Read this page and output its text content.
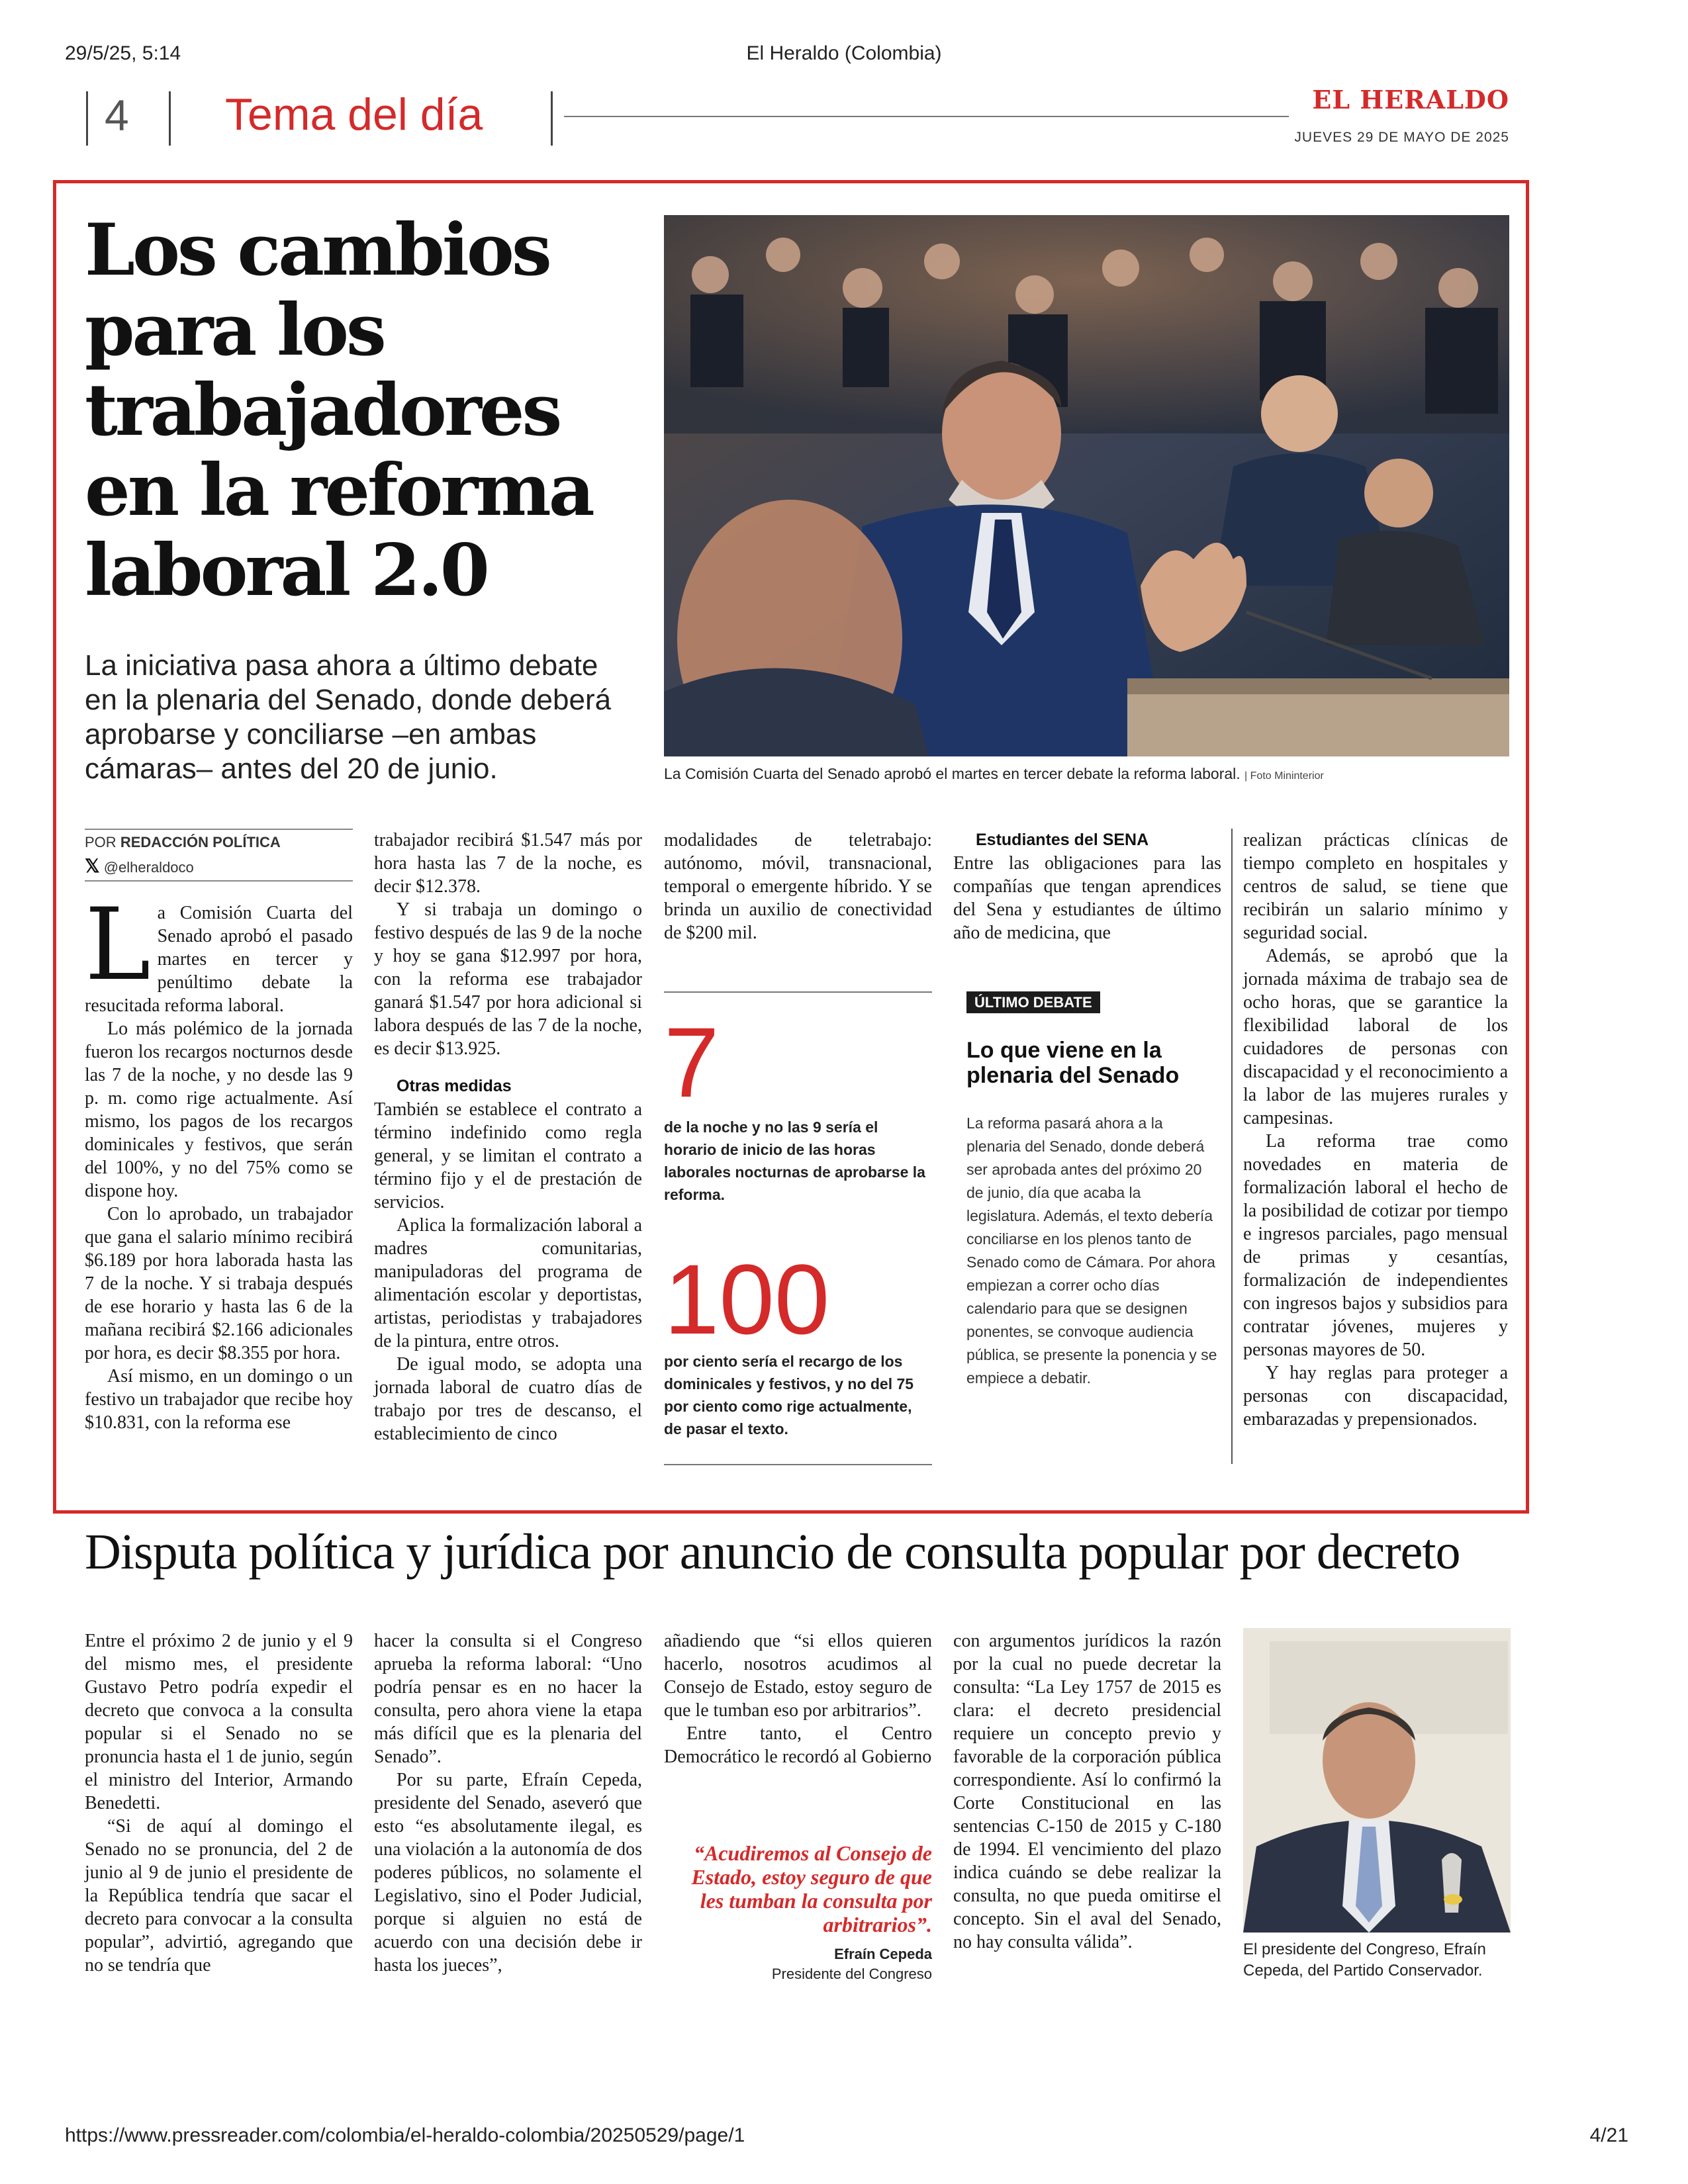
29/5/25, 5:14	El Heraldo (Colombia)
4 Tema del día	EL HERALDO
JUEVES 29 DE MAYO DE 2025
Los cambios
para los
trabajadores
en la reforma
laboral 2.0
La iniciativa pasa ahora a último debate
en la plenaria del Senado, donde deberá
aprobarse y conciliarse –en ambas
cámaras– antes del 20 de junio.	La Comisión Cuarta del Senado aprobó el martes en tercer debate la reforma laboral. | Foto Mininterior
POR REDACCIÓN POLÍTICA
𝕏 @elheraldoco

La Comisión Cuarta del Senado aprobó el pasado martes en tercer y penúltimo debate la resucitada reforma laboral.

Lo más polémico de la jornada fueron los recargos nocturnos desde las 7 de la noche, y no desde las 9 p. m. como rige actualmente. Así mismo, los pagos de los recargos dominicales y festivos, que serán del 100%, y no del 75% como se dispone hoy.

Con lo aprobado, un trabajador que gana el salario mínimo recibirá $6.189 por hora laborada hasta las 7 de la noche. Y si trabaja después de ese horario y hasta las 6 de la mañana recibirá $2.166 adicionales por hora, es decir $8.355 por hora.

Así mismo, en un domingo o un festivo un trabajador que recibe hoy $10.831, con la reforma ese

trabajador recibirá $1.547 más por hora hasta las 7 de la noche, es decir $12.378.

Y si trabaja un domingo o festivo después de las 9 de la noche y hoy se gana $12.997 por hora, con la reforma ese trabajador ganará $1.547 por hora adicional si labora después de las 7 de la noche, es decir $13.925.

Otras medidas

También se establece el contrato a término indefinido como regla general, y se limitan el contrato a término fijo y el de prestación de servicios.

Aplica la formalización laboral a madres comunitarias, manipuladoras del programa de alimentación escolar y deportistas, artistas, periodistas y trabajadores de la pintura, entre otros.

De igual modo, se adopta una jornada laboral de cuatro días de trabajo por tres de descanso, el establecimiento de cinco

modalidades de teletrabajo: autónomo, móvil, transnacional, temporal o emergente híbrido. Y se brinda un auxilio de conectividad de $200 mil.

7
de la noche y no las 9 sería el horario de inicio de las horas laborales nocturnas de aprobarse la reforma.
100
por ciento sería el recargo de los dominicales y festivos, y no del 75 por ciento como rige actualmente, de pasar el texto.

Estudiantes del SENA

Entre las obligaciones para las compañías que tengan aprendices del Sena y estudiantes de último año de medicina, que

ÚLTIMO DEBATE
Lo que viene en la plenaria del Senado
La reforma pasará ahora a la plenaria del Senado, donde deberá ser aprobada antes del próximo 20 de junio, día que acaba la legislatura. Además, el texto debería conciliarse en los plenos tanto de Senado como de Cámara. Por ahora empiezan a correr ocho días calendario para que se designen ponentes, se convoque audiencia pública, se presente la ponencia y se empiece a debatir.

realizan prácticas clínicas de tiempo completo en hospitales y centros de salud, se tiene que recibirán un salario mínimo y seguridad social.

Además, se aprobó que la jornada máxima de trabajo sea de ocho horas, que se garantice la flexibilidad laboral de los cuidadores de personas con discapacidad y el reconocimiento a la labor de las mujeres rurales y campesinas.

La reforma trae como novedades en materia de formalización laboral el hecho de la posibilidad de cotizar por tiempo e ingresos parciales, pago mensual de primas y cesantías, formalización de independientes con ingresos bajos y subsidios para contratar jóvenes, mujeres y personas mayores de 50.

Y hay reglas para proteger a personas con discapacidad, embarazadas y prepensionados.

Disputa política y jurídica por anuncio de consulta popular por decreto

Entre el próximo 2 de junio y el 9 del mismo mes, el presidente Gustavo Petro podría expedir el decreto que convoca a la consulta popular si el Senado no se pronuncia hasta el 1 de junio, según el ministro del Interior, Armando Benedetti.

“Si de aquí al domingo el Senado no se pronuncia, del 2 de junio al 9 de junio el presidente de la República tendría que sacar el decreto para convocar a la consulta popular”, advirtió, agregando que no se tendría que

hacer la consulta si el Congreso aprueba la reforma laboral: “Uno podría pensar es en no hacer la consulta, pero ahora viene la etapa más difícil que es la plenaria del Senado”.

Por su parte, Efraín Cepeda, presidente del Senado, aseveró que esto “es absolutamente ilegal, es una violación a la autonomía de dos poderes públicos, no solamente el Legislativo, sino el Poder Judicial, porque si alguien no está de acuerdo con una decisión debe ir hasta los jueces”,

añadiendo que “si ellos quieren hacerlo, nosotros acudimos al Consejo de Estado, estoy seguro de que le tumban eso por arbitrarios”.

Entre tanto, el Centro Democrático le recordó al Gobierno

“Acudiremos al Consejo de Estado, estoy seguro de que les tumban la consulta por arbitrarios”.
Efraín Cepeda
Presidente del Congreso

con argumentos jurídicos la razón por la cual no puede decretar la consulta: “La Ley 1757 de 2015 es clara: el decreto presidencial requiere un concepto previo y favorable de la corporación pública correspondiente. Así lo confirmó la Corte Constitucional en las sentencias C-150 de 2015 y C-180 de 1994. El vencimiento del plazo indica cuándo se debe realizar la consulta, no que pueda omitirse el concepto. Sin el aval del Senado, no hay consulta válida”.	El presidente del Congreso, Efraín Cepeda, del Partido Conservador.
https://www.pressreader.com/colombia/el-heraldo-colombia/20250529/page/1	4/21
